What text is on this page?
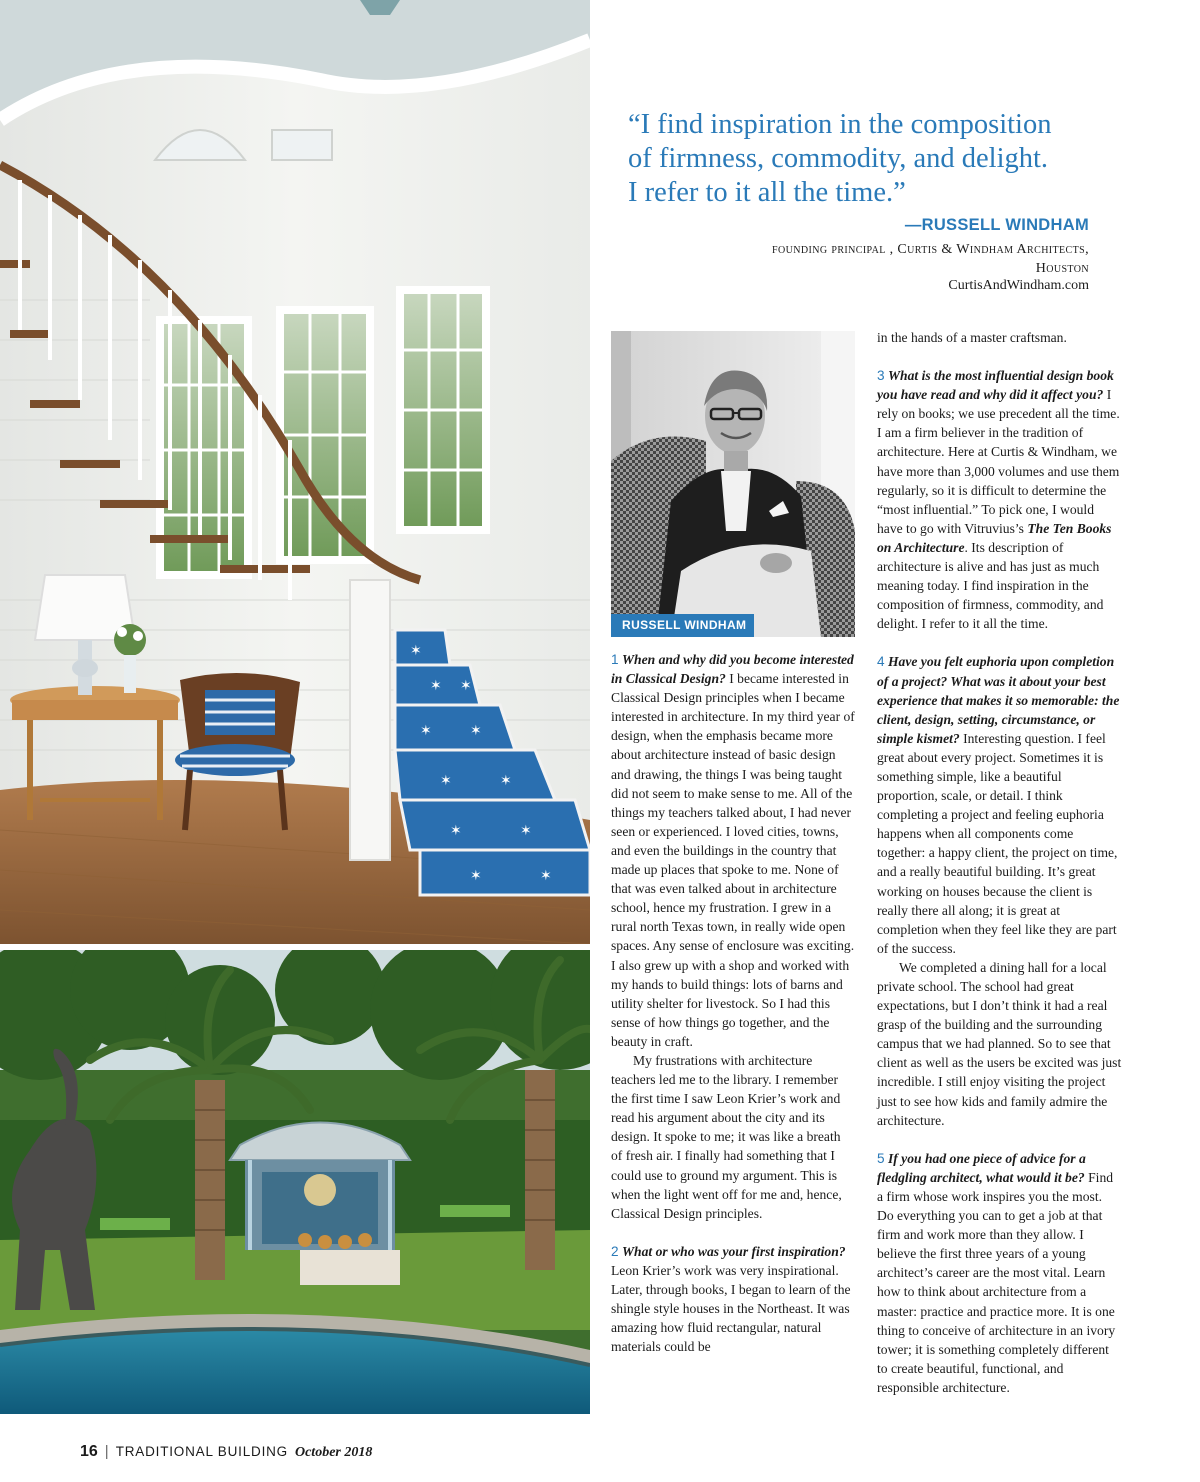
✶
✶ ✶
✶	✶
✶	✶
✶	✶
✶	✶
“I find inspiration in the composition
of firmness, commodity, and delight.
I refer to it all the time.”
—RUSSELL WINDHAM
founding principal , Curtis & Windham Architects,
Houston
CurtisAndWindham.com
RUSSELL WINDHAM

1 When and why did you become interested in Classical Design? I became interested in Classical Design principles when I became interested in architecture. In my third year of design, when the emphasis became more about architecture instead of basic design and drawing, the things I was being taught did not seem to make sense to me. All of the things my teachers talked about, I had never seen or experienced. I loved cities, towns, and even the buildings in the country that made up places that spoke to me. None of that was even talked about in architecture school, hence my frustration. I grew in a rural north Texas town, in really wide open spaces. Any sense of enclosure was exciting. I also grew up with a shop and worked with my hands to build things: lots of barns and utility shelter for livestock. So I had this sense of how things go together, and the beauty in craft.

My frustrations with architecture teachers led me to the library. I remember the first time I saw Leon Krier’s work and read his argument about the city and its design. It spoke to me; it was like a breath of fresh air. I finally had something that I could use to ground my argument. This is when the light went off for me and, hence, Classical Design principles.

2 What or who was your first inspiration? Leon Krier’s work was very inspirational. Later, through books, I began to learn of the shingle style houses in the Northeast. It was amazing how fluid rectangular, natural materials could be

in the hands of a master craftsman.

3 What is the most influential design book you have read and why did it affect you? I rely on books; we use precedent all the time. I am a firm believer in the tradition of architecture. Here at Curtis & Windham, we have more than 3,000 volumes and use them regularly, so it is difficult to determine the “most influential.” To pick one, I would have to go with Vitruvius’s The Ten Books on Architecture. Its description of architecture is alive and has just as much meaning today. I find inspiration in the composition of firmness, commodity, and delight. I refer to it all the time.

4 Have you felt euphoria upon completion of a project? What was it about your best experience that makes it so memorable: the client, design, setting, circumstance, or simple kismet? Interesting question. I feel great about every project. Sometimes it is something simple, like a beautiful proportion, scale, or detail. I think completing a project and feeling euphoria happens when all components come together: a happy client, the project on time, and a really beautiful building. It’s great working on houses because the client is really there all along; it is great at completion when they feel like they are part of the success.

We completed a dining hall for a local private school. The school had great expectations, but I don’t think it had a real grasp of the building and the surrounding campus that we had planned. So to see that client as well as the users be excited was just incredible. I still enjoy visiting the project just to see how kids and family admire the architecture.

5 If you had one piece of advice for a fledgling architect, what would it be? Find a firm whose work inspires you the most. Do everything you can to get a job at that firm and work more than they allow. I believe the first three years of a young architect’s career are the most vital. Learn how to think about architecture from a master: practice and practice more. It is one thing to conceive of architecture in an ivory tower; it is something completely different to create beautiful, functional, and responsible architecture.

16 | TRADITIONAL BUILDING October 2018
